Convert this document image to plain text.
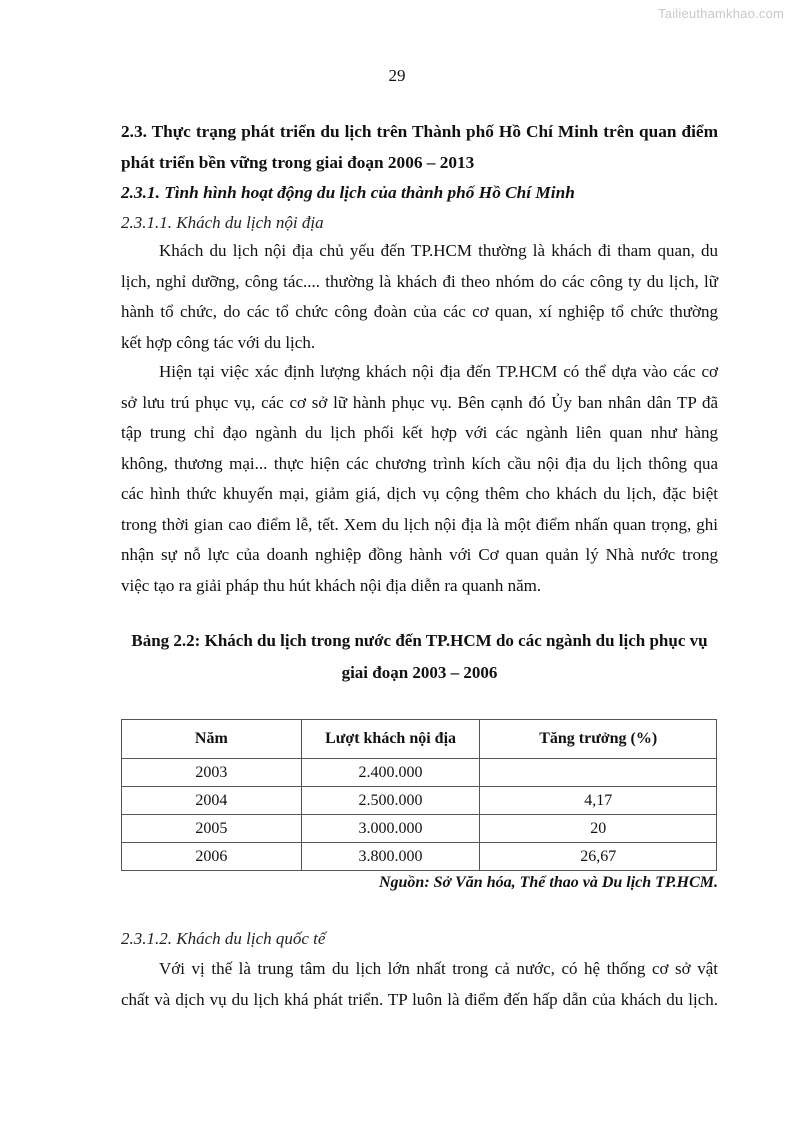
Tailieuthamkhao.com
29
2.3. Thực trạng phát triển du lịch trên Thành phố Hồ Chí Minh trên quan điểm
phát triển bền vững trong giai đoạn 2006 – 2013
2.3.1. Tình hình hoạt động du lịch của thành phố Hồ Chí Minh
2.3.1.1. Khách du lịch nội địa
Khách du lịch nội địa chủ yếu đến TP.HCM thường là khách đi tham quan, du
lịch, nghỉ dưỡng, công tác.... thường là khách đi theo nhóm do các công ty du lịch, lữ
hành tổ chức, do các tổ chức công đoàn của các cơ quan, xí nghiệp tổ chức thường
kết hợp công tác với du lịch.
Hiện tại việc xác định lượng khách nội địa đến TP.HCM có thể dựa vào các cơ
sở lưu trú phục vụ, các cơ sở lữ hành phục vụ. Bên cạnh đó Ủy ban nhân dân TP đã
tập trung chỉ đạo ngành du lịch phối kết hợp với các ngành liên quan như hàng
không, thương mại... thực hiện các chương trình kích cầu nội địa du lịch thông qua
các hình thức khuyến mại, giảm giá, dịch vụ cộng thêm cho khách du lịch, đặc biệt
trong thời gian cao điểm lễ, tết. Xem du lịch nội địa là một điểm nhấn quan trọng, ghi
nhận sự nỗ lực của doanh nghiệp đồng hành với Cơ quan quản lý Nhà nước trong
việc tạo ra giải pháp thu hút khách nội địa diễn ra quanh năm.
Bảng 2.2: Khách du lịch trong nước đến TP.HCM do các ngành du lịch phục vụ
giai đoạn 2003 – 2006
Năm	Lượt khách nội địa	Tăng trưởng (%)
2003	2.400.000	
2004	2.500.000	4,17
2005	3.000.000	20
2006	3.800.000	26,67
Nguồn: Sở Văn hóa, Thể thao và Du lịch TP.HCM.
2.3.1.2. Khách du lịch quốc tế
Với vị thế là trung tâm du lịch lớn nhất trong cả nước, có hệ thống cơ sở vật
chất và dịch vụ du lịch khá phát triển. TP luôn là điểm đến hấp dẫn của khách du lịch.
